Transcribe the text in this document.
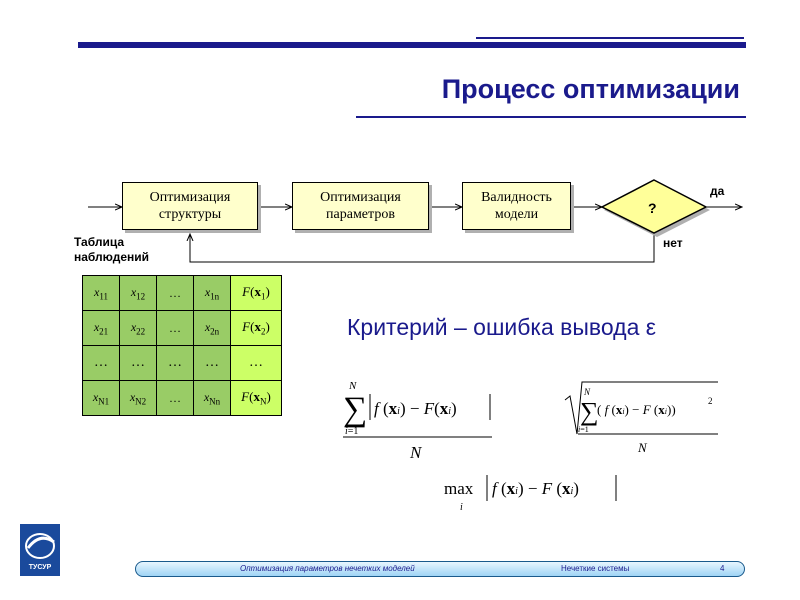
Процесс оптимизации
Оптимизация
структуры
Оптимизация
параметров
Валидность
модели	?
да
нет
Таблица
наблюдений
$x_{11}$	$x_{12}$	…	$x_{1n}$	$F(x_1)$
$x_{21}$	$x_{22}$	…	$x_{2n}$	$F(x_2)$
…	…	…	…	…
$x_{N1}$	$x_{N2}$	…	$x_{Nn}$	$F(x_N)$
Критерий – ошибка вывода ε
N
∑
i=1
f (xi) − F(xi)
N
N
∑
i=1
( f (xi) − F (xi))
2
N
max
i
f (xi) − F (xi)
ТУСУР	Оптимизация параметров нечетких моделей	Нечеткие системы	4
